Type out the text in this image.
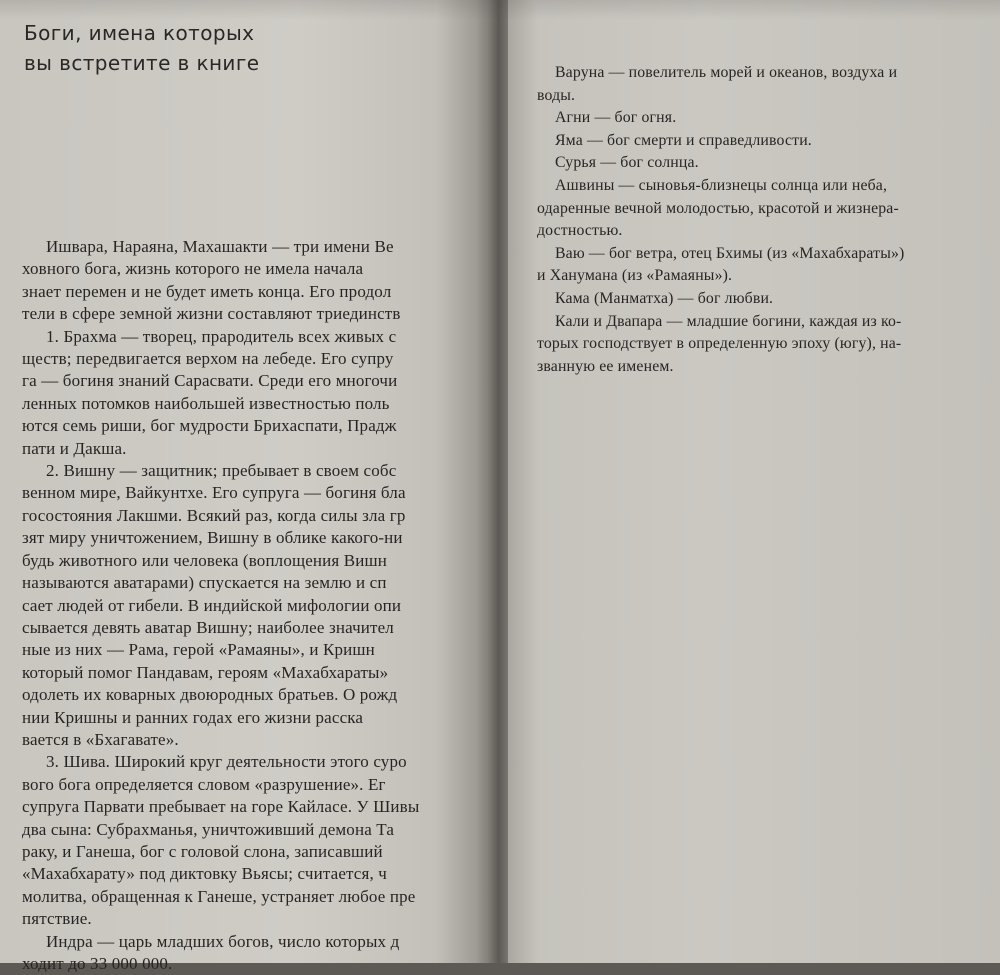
Боги, имена которых
вы встретите в книге
Ишвара, Нараяна, Махашакти — три имени Ве
ховного бога, жизнь которого не имела начала
знает перемен и не будет иметь конца. Его продол
тели в сфере земной жизни составляют триединств
1. Брахма — творец, прародитель всех живых с
ществ; передвигается верхом на лебеде. Его супру
га — богиня знаний Сарасвати. Среди его многочи
ленных потомков наибольшей известностью поль
ются семь риши, бог мудрости Брихаспати, Прадж
пати и Дакша.
2. Вишну — защитник; пребывает в своем собс
венном мире, Вайкунтхе. Его супруга — богиня бла
госостояния Лакшми. Всякий раз, когда силы зла гр
зят миру уничтожением, Вишну в облике какого-ни
будь животного или человека (воплощения Вишн
называются аватарами) спускается на землю и сп
сает людей от гибели. В индийской мифологии опи
сывается девять аватар Вишну; наиболее значител
ные из них — Рама, герой «Рамаяны», и Кришн
который помог Пандавам, героям «Махабхараты»
одолеть их коварных двоюродных братьев. О рожд
нии Кришны и ранних годах его жизни расска
вается в «Бхагавате».
3. Шива. Широкий круг деятельности этого суро
вого бога определяется словом «разрушение». Ег
супруга Парвати пребывает на горе Кайласе. У Шивы
два сына: Субрахманья, уничтоживший демона Та
раку, и Ганеша, бог с головой слона, записавший
«Махабхарату» под диктовку Вьясы; считается, ч
молитва, обращенная к Ганеше, устраняет любое пре
пятствие.
Индра — царь младших богов, число которых д
ходит до 33 000 000.
Варуна — повелитель морей и океанов, воздуха и
воды.
Агни — бог огня.
Яма — бог смерти и справедливости.
Сурья — бог солнца.
Ашвины — сыновья-близнецы солнца или неба,
одаренные вечной молодостью, красотой и жизнера-
достностью.
Ваю — бог ветра, отец Бхимы (из «Махабхараты»)
и Ханумана (из «Рамаяны»).
Кама (Манматха) — бог любви.
Кали и Двапара — младшие богини, каждая из ко-
торых господствует в определенную эпоху (югу), на-
званную ее именем.
